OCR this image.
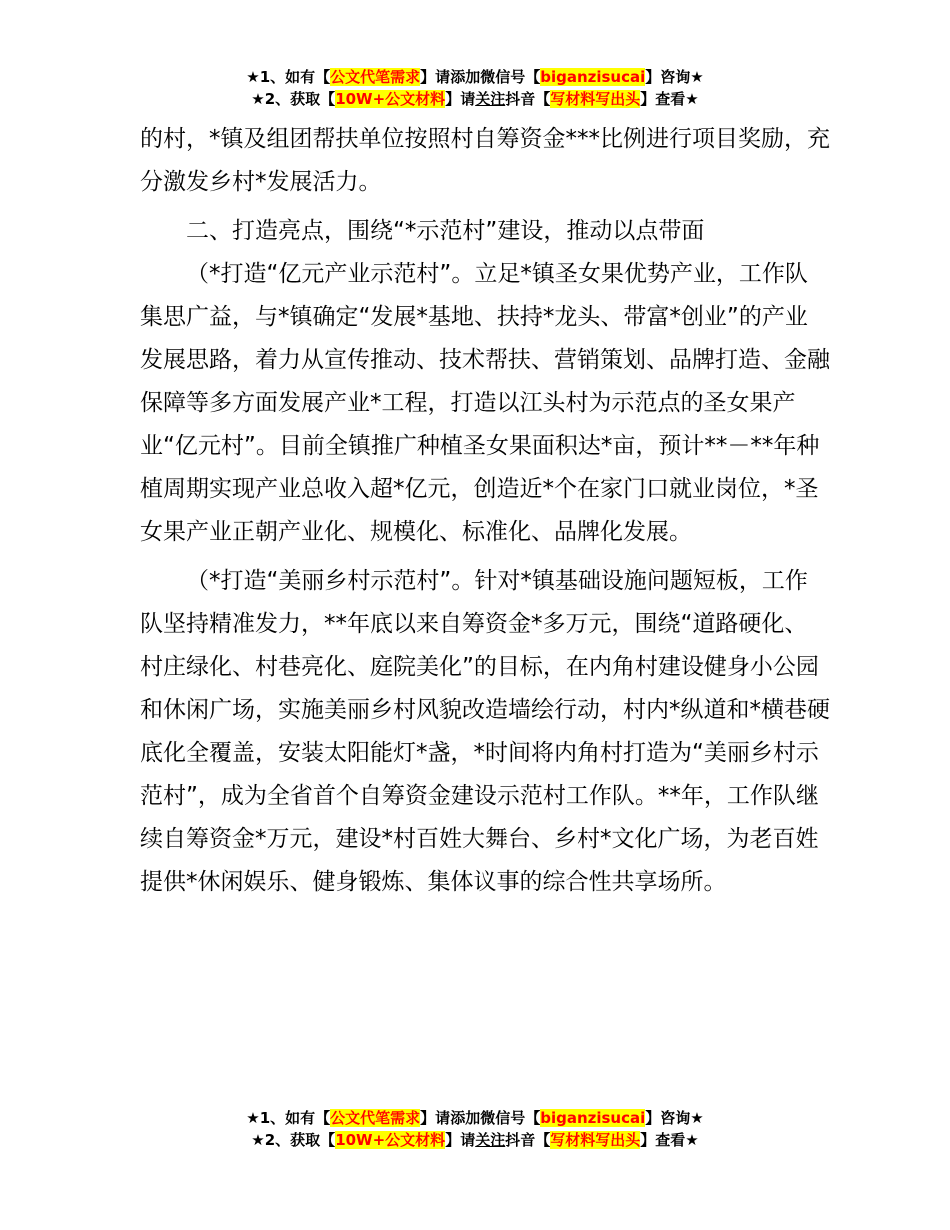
★1、如有【公文代笔需求】请添加微信号【biganzisucai】咨询★
★2、获取【10W+公文材料】请关注抖音【写材料写出头】查看★

的村，*镇及组团帮扶单位按照村自筹资金***比例进行项目奖励，充分激发乡村*发展活力。

二、打造亮点，围绕“*示范村”建设，推动以点带面

（*打造“亿元产业示范村”。立足*镇圣女果优势产业，工作队集思广益，与*镇确定“发展*基地、扶持*龙头、带富*创业”的产业发展思路，着力从宣传推动、技术帮扶、营销策划、品牌打造、金融保障等多方面发展产业*工程，打造以江头村为示范点的圣女果产业“亿元村”。目前全镇推广种植圣女果面积达*亩，预计**－**年种植周期实现产业总收入超*亿元，创造近*个在家门口就业岗位，*圣女果产业正朝产业化、规模化、标准化、品牌化发展。

（*打造“美丽乡村示范村”。针对*镇基础设施问题短板，工作队坚持精准发力，**年底以来自筹资金*多万元，围绕“道路硬化、村庄绿化、村巷亮化、庭院美化”的目标，在内角村建设健身小公园和休闲广场，实施美丽乡村风貌改造墙绘行动，村内*纵道和*横巷硬底化全覆盖，安装太阳能灯*盏，*时间将内角村打造为“美丽乡村示范村”，成为全省首个自筹资金建设示范村工作队。**年，工作队继续自筹资金*万元，建设*村百姓大舞台、乡村*文化广场，为老百姓提供*休闲娱乐、健身锻炼、集体议事的综合性共享场所。

★1、如有【公文代笔需求】请添加微信号【biganzisucai】咨询★
★2、获取【10W+公文材料】请关注抖音【写材料写出头】查看★
